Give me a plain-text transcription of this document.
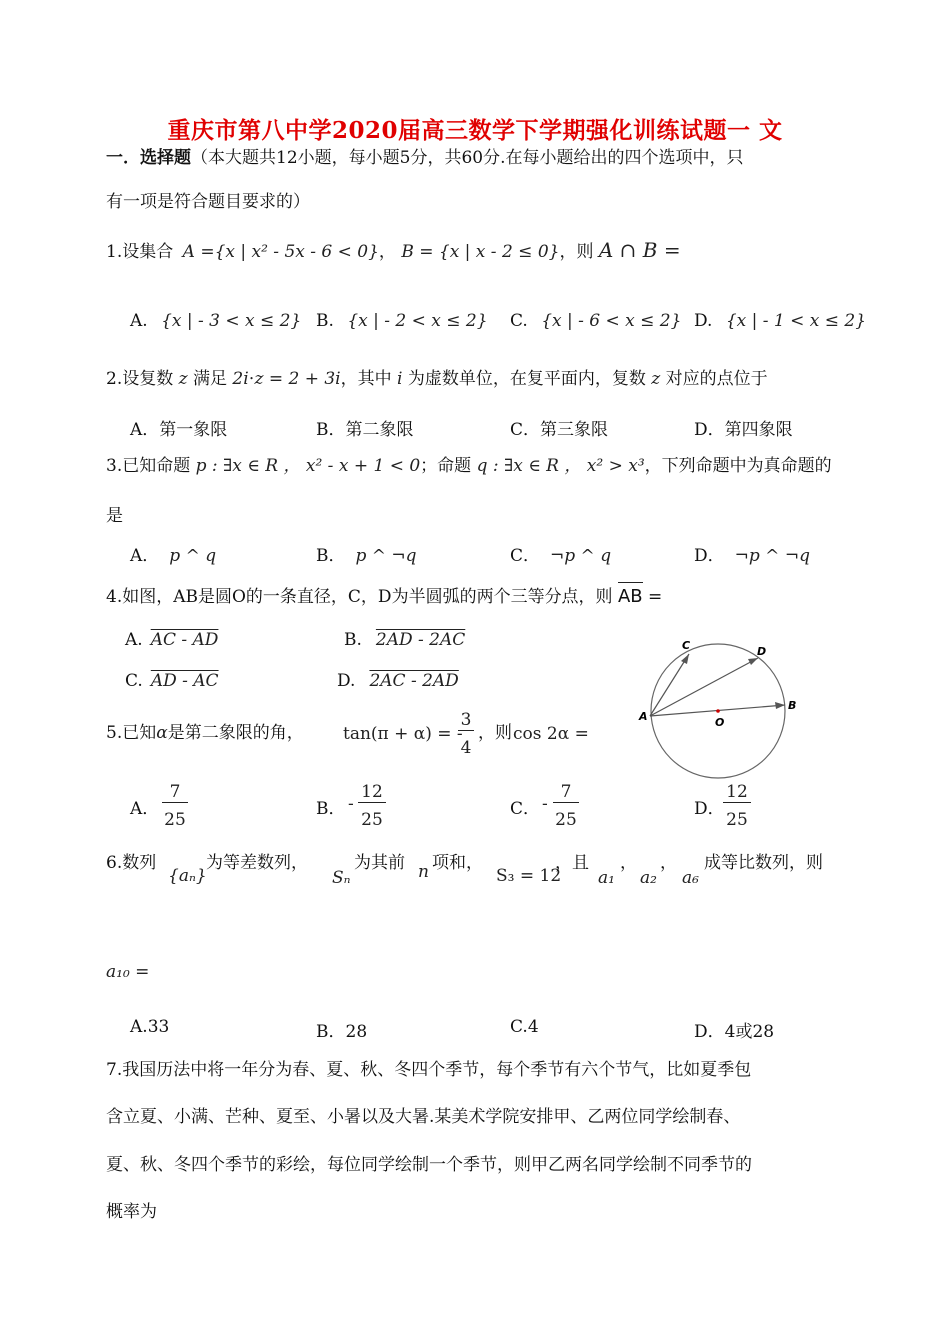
重庆市第八中学2020届高三数学下学期强化训练试题一 文
一．选择题（本大题共12小题，每小题5分，共60分.在每小题给出的四个选项中，只
有一项是符合题目要求的）
1.设集合 A ={x | x² - 5x - 6 < 0}， B = {x | x - 2 ≤ 0}，则 A ∩ B =
A. {x | - 3 < x ≤ 2} B. {x | - 2 < x ≤ 2} C. {x | - 6 < x ≤ 2} D. {x | - 1 < x ≤ 2}
2.设复数 z 满足 2i⋅z = 2 + 3i，其中 i 为虚数单位，在复平面内，复数 z 对应的点位于
A．第一象限	B．第二象限	C．第三象限	D．第四象限
3.已知命题 p : ∃x ∈ R ， x² - x + 1 < 0；命题 q : ∃x ∈ R ， x² > x³，下列命题中为真命题的
是
A． p ^ q	B． p ^ ¬q	C． ¬p ^ q	D． ¬p ^ ¬q
4.如图，AB是圆O的一条直径，C，D为半圆弧的两个三等分点，则 AB =
A. AC - AD	B. 2AD - 2AC
C. AD - AC	D. 2AC - 2AD
A
B
C	D
O
5.已知α是第二象限的角， tan(π + α) = -
3
4
，则 cos 2α =
A．
7
25
B． -
12
25
C． -
7
25
D．
12
25
6.数列
{aₙ}
为等差数列，
Sₙ
为其前 n 项和，
S₃ = 12
，且
a₁
，
a₂
，
a₆
成等比数列，则
a₁₀ =
A.33	B．28	C.4	D．4或28
7.我国历法中将一年分为春、夏、秋、冬四个季节，每个季节有六个节气，比如夏季包
含立夏、小满、芒种、夏至、小暑以及大暑.某美术学院安排甲、乙两位同学绘制春、
夏、秋、冬四个季节的彩绘，每位同学绘制一个季节，则甲乙两名同学绘制不同季节的
概率为
